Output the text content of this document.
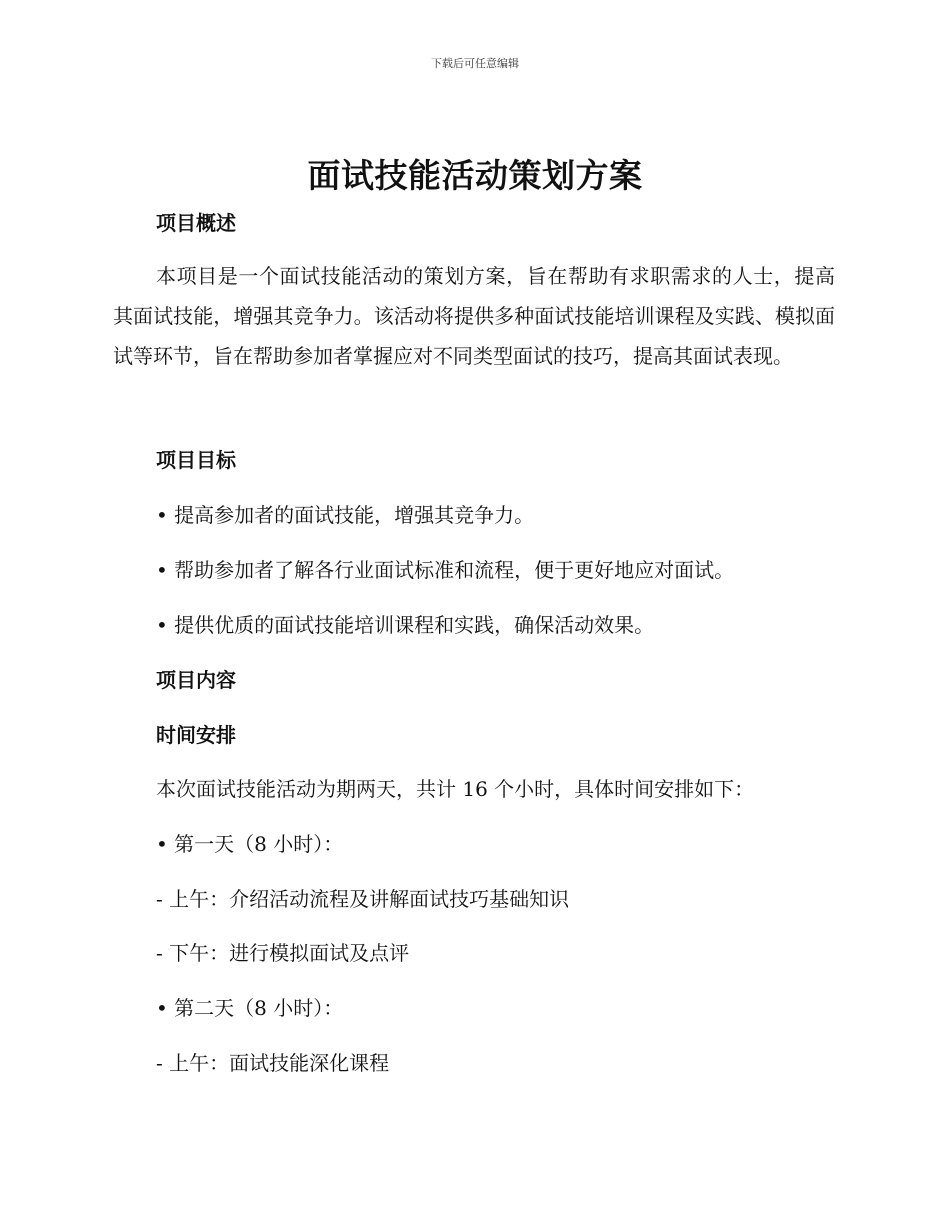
下载后可任意编辑
面试技能活动策划方案
项目概述
本项目是一个面试技能活动的策划方案，旨在帮助有求职需求的人士，提高其面试技能，增强其竞争力。该活动将提供多种面试技能培训课程及实践、模拟面试等环节，旨在帮助参加者掌握应对不同类型面试的技巧，提高其面试表现。
项目目标
• 提高参加者的面试技能，增强其竞争力。
• 帮助参加者了解各行业面试标准和流程，便于更好地应对面试。
• 提供优质的面试技能培训课程和实践，确保活动效果。
项目内容
时间安排
本次面试技能活动为期两天，共计 16 个小时，具体时间安排如下：
• 第一天（8 小时）：
- 上午：介绍活动流程及讲解面试技巧基础知识
- 下午：进行模拟面试及点评
• 第二天（8 小时）：
- 上午：面试技能深化课程
